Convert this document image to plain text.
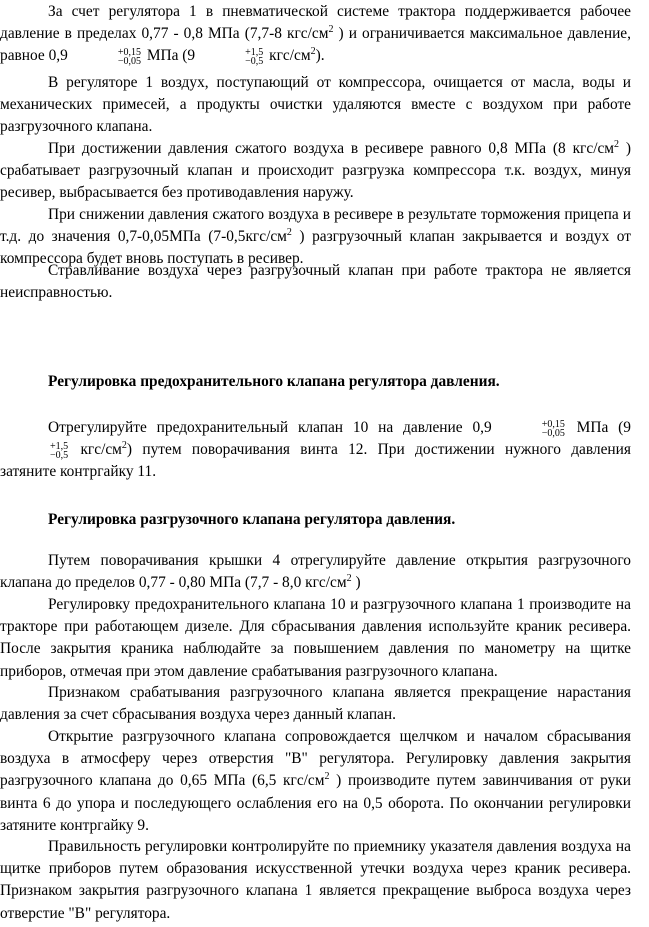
За счет регулятора 1 в пневматической системе трактора поддерживается рабочее давление в пределах 0,77 - 0,8 МПа (7,7-8 кгс/$см^2$ ) и ограничивается максимальное давление, равное 0,9	+0,15
−0,05 МПа (9	+1,5
−0,5 кгс/$см^2$).

В регуляторе 1 воздух, поступающий от компрессора, очищается от масла, воды и механических примесей, а продукты очистки удаляются вместе с воздухом при работе разгрузочного клапана.

При достижении давления сжатого воздуха в ресивере равного 0,8 МПа (8 кгс/$см^2$ ) срабатывает разгрузочный клапан и происходит разгрузка компрессора т.к. воздух, минуя ресивер, выбрасывается без противодавления наружу.

При снижении давления сжатого воздуха в ресивере в результате торможения прицепа и т.д. до значения 0,7-0,05МПа ($7-0,5кгс/см^2$ ) разгрузочный клапан закрывается и воздух от компрессора будет вновь поступать в ресивер.

Стравливание воздуха через разгрузочный клапан при работе трактора не является неисправностью.

Регулировка предохранительного клапана регулятора давления.

Отрегулируйте предохранительный клапан 10 на давление 0,9	+0,15
−0,05 МПа (9
+1,5
−0,5 кгс/$см^2$) путем поворачивания винта 12. При достижении нужного давления затяните контргайку 11.

Регулировка разгрузочного клапана регулятора давления.

Путем поворачивания крышки 4 отрегулируйте давление открытия разгрузочного клапана до пределов 0,77 - 0,80 МПа (7,7 - 8,0 кгс/$см^2$ )

Регулировку предохранительного клапана 10 и разгрузочного клапана 1 производите на тракторе при работающем дизеле. Для сбрасывания давления используйте краник ресивера. После закрытия краника наблюдайте за повышением давления по манометру на щитке приборов, отмечая при этом давление срабатывания разгрузочного клапана.

Признаком срабатывания разгрузочного клапана является прекращение нарастания давления за счет сбрасывания воздуха через данный клапан.

Открытие разгрузочного клапана сопровождается щелчком и началом сбрасывания воздуха в атмосферу через отверстия "В" регулятора. Регулировку давления закрытия разгрузочного клапана до 0,65 МПа (6,5 кгс/$см^2$ ) производите путем завинчивания от руки винта 6 до упора и последующего ослабления его на 0,5 оборота. По окончании регулировки затяните контргайку 9.

Правильность регулировки контролируйте по приемнику указателя давления воздуха на щитке приборов путем образования искусственной утечки воздуха через краник ресивера. Признаком закрытия разгрузочного клапана 1 является прекращение выброса воздуха через отверстие "В" регулятора.
